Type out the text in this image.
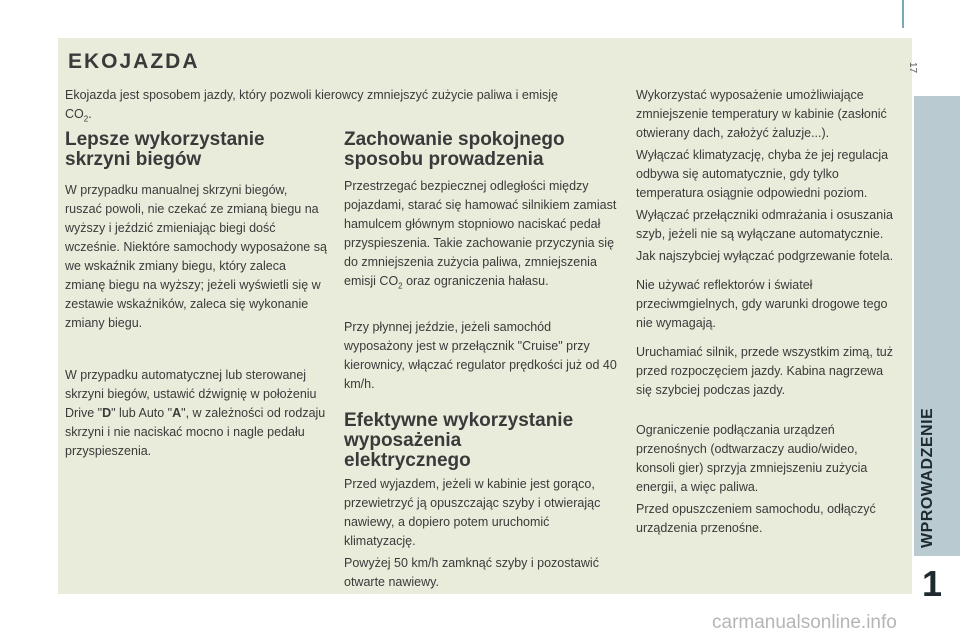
EKOJAZDA

Ekojazda jest sposobem jazdy, który pozwoli kierowcy zmniejszyć zużycie paliwa i emisję
$CO_2$.

Lepsze wykorzystanie
skrzyni biegów

W przypadku manualnej skrzyni biegów, ruszać powoli, nie czekać ze zmianą biegu na wyższy i jeździć zmieniając biegi dość wcześnie. Niektóre samochody wyposażone są we wskaźnik zmiany biegu, który zaleca zmianę biegu na wyższy; jeżeli wyświetli się w zestawie wskaźników, zaleca się wykonanie zmiany biegu.

W przypadku automatycznej lub sterowanej skrzyni biegów, ustawić dźwignię w położeniu Drive "D" lub Auto "A", w zależności od rodzaju skrzyni i nie naciskać mocno i nagle pedału przyspieszenia.

Zachowanie spokojnego
sposobu prowadzenia

Przestrzegać bezpiecznej odległości między pojazdami, starać się hamować silnikiem zamiast hamulcem głównym stopniowo naciskać pedał przyspieszenia. Takie zachowanie przyczynia się do zmniejszenia zużycia paliwa, zmniejszenia emisji $CO_2$ oraz ograniczenia hałasu.

Przy płynnej jeździe, jeżeli samochód wyposażony jest w przełącznik "Cruise" przy kierownicy, włączać regulator prędkości już od 40 km/h.

Efektywne wykorzystanie
wyposażenia
elektrycznego

Przed wyjazdem, jeżeli w kabinie jest gorąco, przewietrzyć ją opuszczając szyby i otwierając nawiewy, a dopiero potem uruchomić klimatyzację.

Powyżej 50 km/h zamknąć szyby i pozostawić otwarte nawiewy.

Wykorzystać wyposażenie umożliwiające zmniejszenie temperatury w kabinie (zasłonić otwierany dach, założyć żaluzje...).

Wyłączać klimatyzację, chyba że jej regulacja odbywa się automatycznie, gdy tylko temperatura osiągnie odpowiedni poziom.

Wyłączać przełączniki odmrażania i osuszania szyb, jeżeli nie są wyłączane automatycznie.

Jak najszybciej wyłączać podgrzewanie fotela.

Nie używać reflektorów i świateł przeciwmgielnych, gdy warunki drogowe tego nie wymagają.

Uruchamiać silnik, przede wszystkim zimą, tuż przed rozpoczęciem jazdy. Kabina nagrzewa się szybciej podczas jazdy.

Ograniczenie podłączania urządzeń przenośnych (odtwarzaczy audio/wideo, konsoli gier) sprzyja zmniejszeniu zużycia energii, a więc paliwa.

Przed opuszczeniem samochodu, odłączyć urządzenia przenośne.

17
WPROWADZENIE
1
carmanualsonline.info
